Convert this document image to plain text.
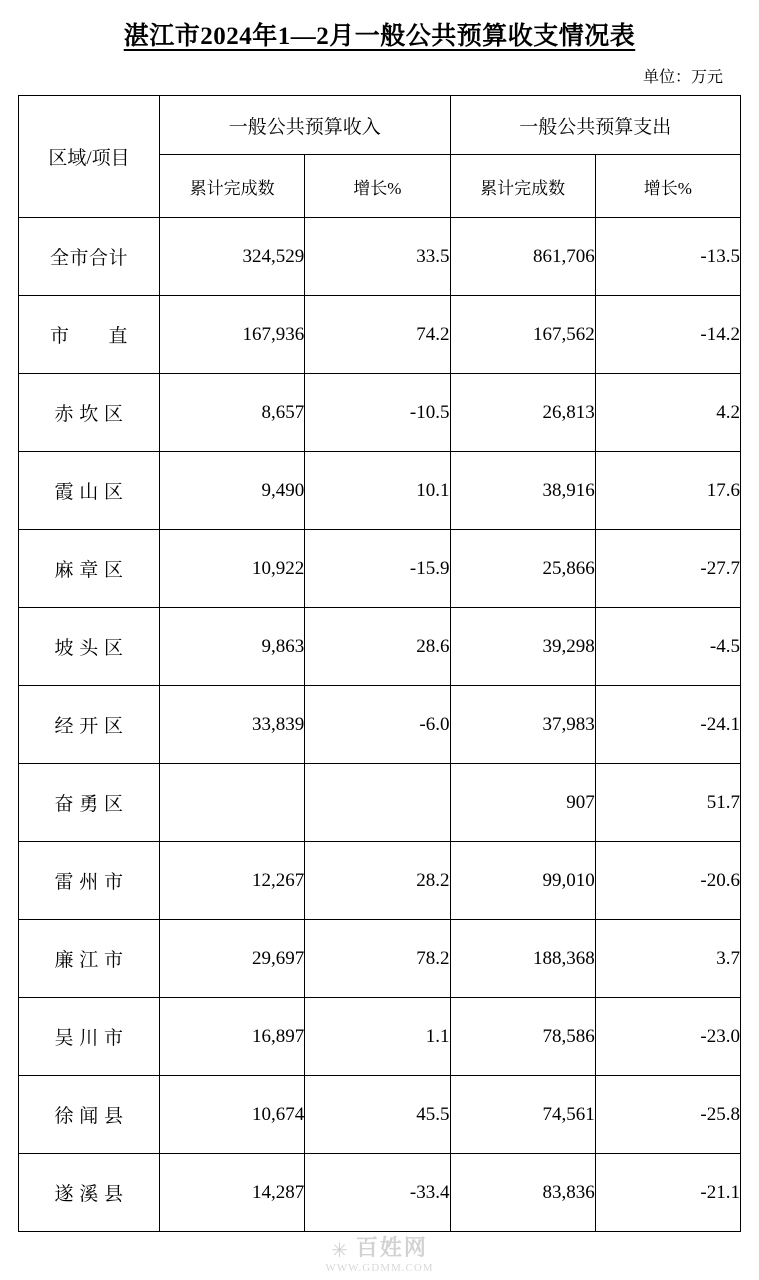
湛江市2024年1—2月一般公共预算收支情况表
单位：万元
区域/项目	一般公共预算收入		一般公共预算支出	
	累计完成数	增长%	累计完成数	增长%
全市合计	324,529	33.5	861,706	-13.5
市　　直	167,936	74.2	167,562	-14.2
赤 坎 区	8,657	-10.5	26,813	4.2
霞 山 区	9,490	10.1	38,916	17.6
麻 章 区	10,922	-15.9	25,866	-27.7
坡 头 区	9,863	28.6	39,298	-4.5
经 开 区	33,839	-6.0	37,983	-24.1
奋 勇 区			907	51.7
雷 州 市	12,267	28.2	99,010	-20.6
廉 江 市	29,697	78.2	188,368	3.7
吴 川 市	16,897	1.1	78,586	-23.0
徐 闻 县	10,674	45.5	74,561	-25.8
遂 溪 县	14,287	-33.4	83,836	-21.1
✳ 百姓网
WWW.GDMM.COM
